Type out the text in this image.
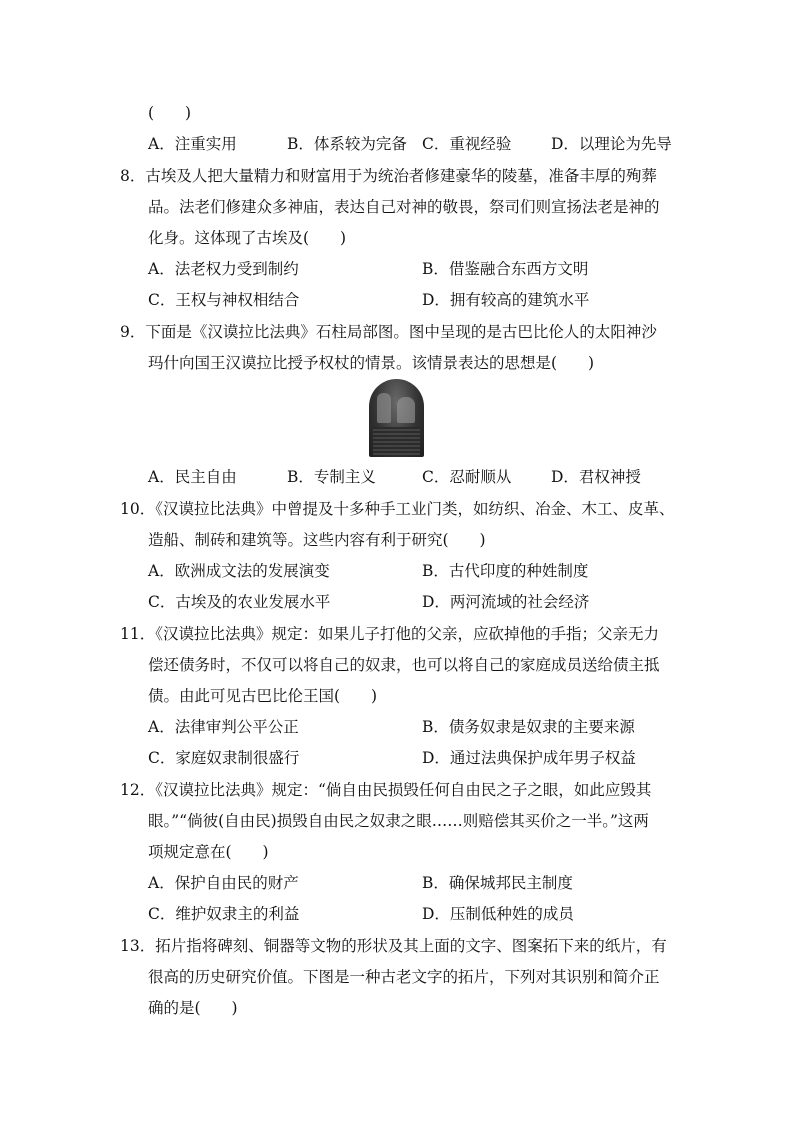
(　　)
A．注重实用	B．体系较为完备 C．重视经验	D．以理论为先导
8．古埃及人把大量精力和财富用于为统治者修建豪华的陵墓，准备丰厚的殉葬
品。法老们修建众多神庙，表达自己对神的敬畏，祭司们则宣扬法老是神的
化身。这体现了古埃及(　　)
A．法老权力受到制约	B．借鉴融合东西方文明
C．王权与神权相结合	D．拥有较高的建筑水平
9．下面是《汉谟拉比法典》石柱局部图。图中呈现的是古巴比伦人的太阳神沙
玛什向国王汉谟拉比授予权杖的情景。该情景表达的思想是(　　)
A．民主自由	B．专制主义	C．忍耐顺从	D．君权神授
10．《汉谟拉比法典》中曾提及十多种手工业门类，如纺织、冶金、木工、皮革、
造船、制砖和建筑等。这些内容有利于研究(　　)
A．欧洲成文法的发展演变	B．古代印度的种姓制度
C．古埃及的农业发展水平	D．两河流域的社会经济
11．《汉谟拉比法典》规定：如果儿子打他的父亲，应砍掉他的手指；父亲无力
偿还债务时，不仅可以将自己的奴隶，也可以将自己的家庭成员送给债主抵
债。由此可见古巴比伦王国(　　)
A．法律审判公平公正	B．债务奴隶是奴隶的主要来源
C．家庭奴隶制很盛行	D．通过法典保护成年男子权益
12．《汉谟拉比法典》规定：“倘自由民损毁任何自由民之子之眼，如此应毁其
眼。”“倘彼(自由民)损毁自由民之奴隶之眼……则赔偿其买价之一半。”这两
项规定意在(　　)
A．保护自由民的财产	B．确保城邦民主制度
C．维护奴隶主的利益	D．压制低种姓的成员
13．拓片指将碑刻、铜器等文物的形状及其上面的文字、图案拓下来的纸片，有
很高的历史研究价值。下图是一种古老文字的拓片，下列对其识别和简介正
确的是(　　)
